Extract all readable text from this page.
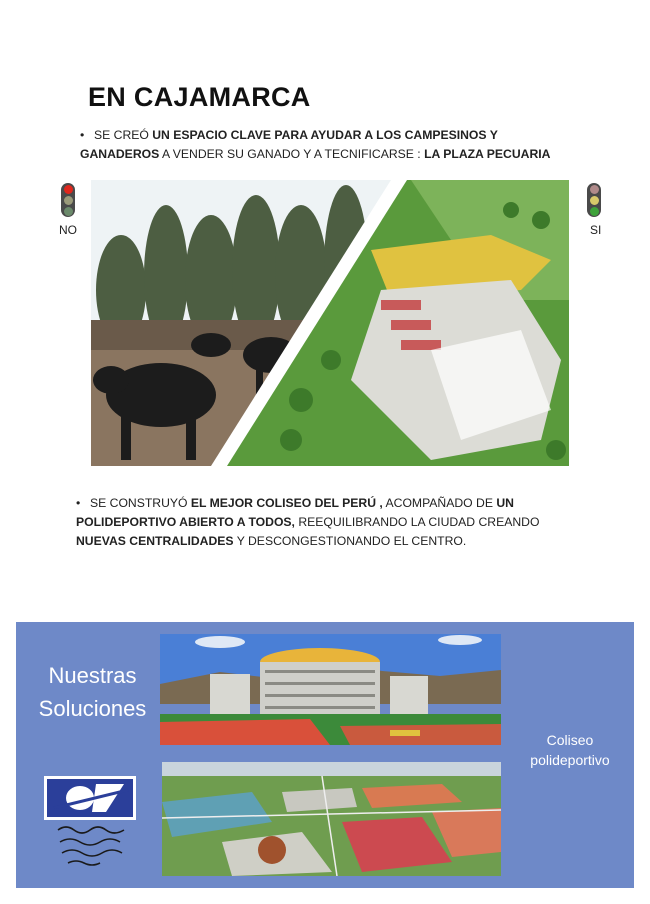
EN CAJAMARCA
• SE CREÓ UN ESPACIO CLAVE PARA AYUDAR A LOS CAMPESINOS Y GANADEROS A VENDER SU GANADO Y A TECNIFICARSE : LA PLAZA PECUARIA
NO	SI
• SE CONSTRUYÓ EL MEJOR COLISEO DEL PERÚ , ACOMPAÑADO DE UN POLIDEPORTIVO ABIERTO A TODOS, REEQUILIBRANDO LA CIUDAD CREANDO NUEVAS CENTRALIDADES Y DESCONGESTIONANDO EL CENTRO.
Nuestras Soluciones
Coliseo polideportivo
